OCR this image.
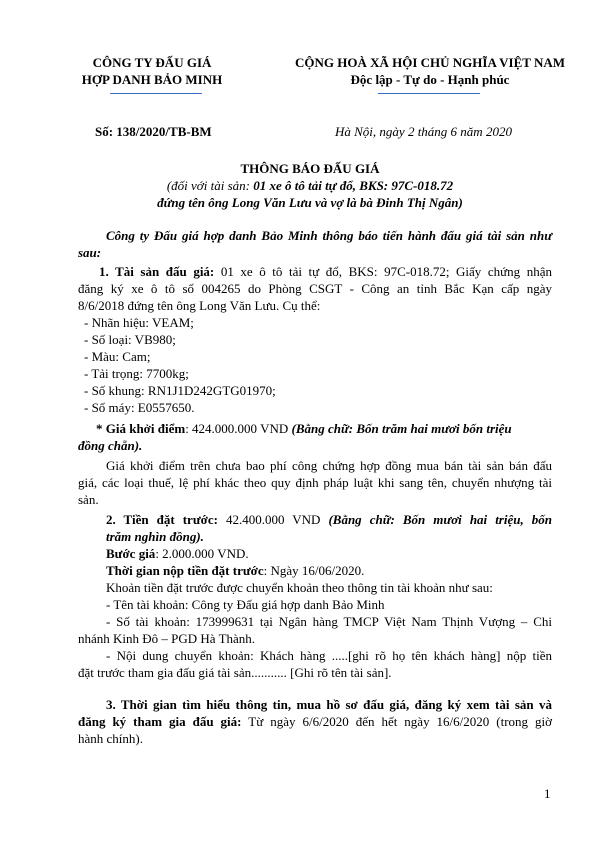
CÔNG TY ĐẤU GIÁ
HỢP DANH BẢO MINH
CỘNG HOÀ XÃ HỘI CHỦ NGHĨA VIỆT NAM
Độc lập - Tự do - Hạnh phúc
Số: 138/2020/TB-BM	Hà Nội, ngày 2 tháng 6 năm 2020
THÔNG BÁO ĐẤU GIÁ
(đối với tài sản: 01 xe ô tô tải tự đổ, BKS: 97C-018.72
đứng tên ông Long Văn Lưu và vợ là bà Đinh Thị Ngân)
Công ty Đấu giá hợp danh Bảo Minh thông báo tiến hành đấu giá tài sản như
sau:
1. Tài sản đấu giá: 01 xe ô tô tải tự đổ, BKS: 97C-018.72; Giấy chứng nhận
đăng ký xe ô tô số 004265 do Phòng CSGT - Công an tỉnh Bắc Kạn cấp ngày
8/6/2018 đứng tên ông Long Văn Lưu. Cụ thể:
- Nhãn hiệu: VEAM;
- Số loại: VB980;
- Màu: Cam;
- Tải trọng: 7700kg;
- Số khung: RN1J1D242GTG01970;
- Số máy: E0557650.
* Giá khởi điểm: 424.000.000 VND (Bằng chữ: Bốn trăm hai mươi bốn triệu
đồng chẵn).
Giá khởi điểm trên chưa bao phí công chứng hợp đồng mua bán tài sản bán đấu
giá, các loại thuế, lệ phí khác theo quy định pháp luật khi sang tên, chuyển nhượng tài
sản.
2. Tiền đặt trước: 42.400.000 VND (Bằng chữ: Bốn mươi hai triệu, bốn
trăm nghìn đồng).
Bước giá: 2.000.000 VND.
Thời gian nộp tiền đặt trước: Ngày 16/06/2020.
Khoản tiền đặt trước được chuyển khoản theo thông tin tài khoản như sau:
- Tên tài khoản: Công ty Đấu giá hợp danh Bảo Minh
- Số tài khoản: 173999631 tại Ngân hàng TMCP Việt Nam Thịnh Vượng – Chi
nhánh Kinh Đô – PGD Hà Thành.
- Nội dung chuyển khoản: Khách hàng .....[ghi rõ họ tên khách hàng] nộp tiền
đặt trước tham gia đấu giá tài sản........... [Ghi rõ tên tài sản].
3. Thời gian tìm hiểu thông tin, mua hồ sơ đấu giá, đăng ký xem tài sản và
đăng ký tham gia đấu giá: Từ ngày 6/6/2020 đến hết ngày 16/6/2020 (trong giờ
hành chính).
1
